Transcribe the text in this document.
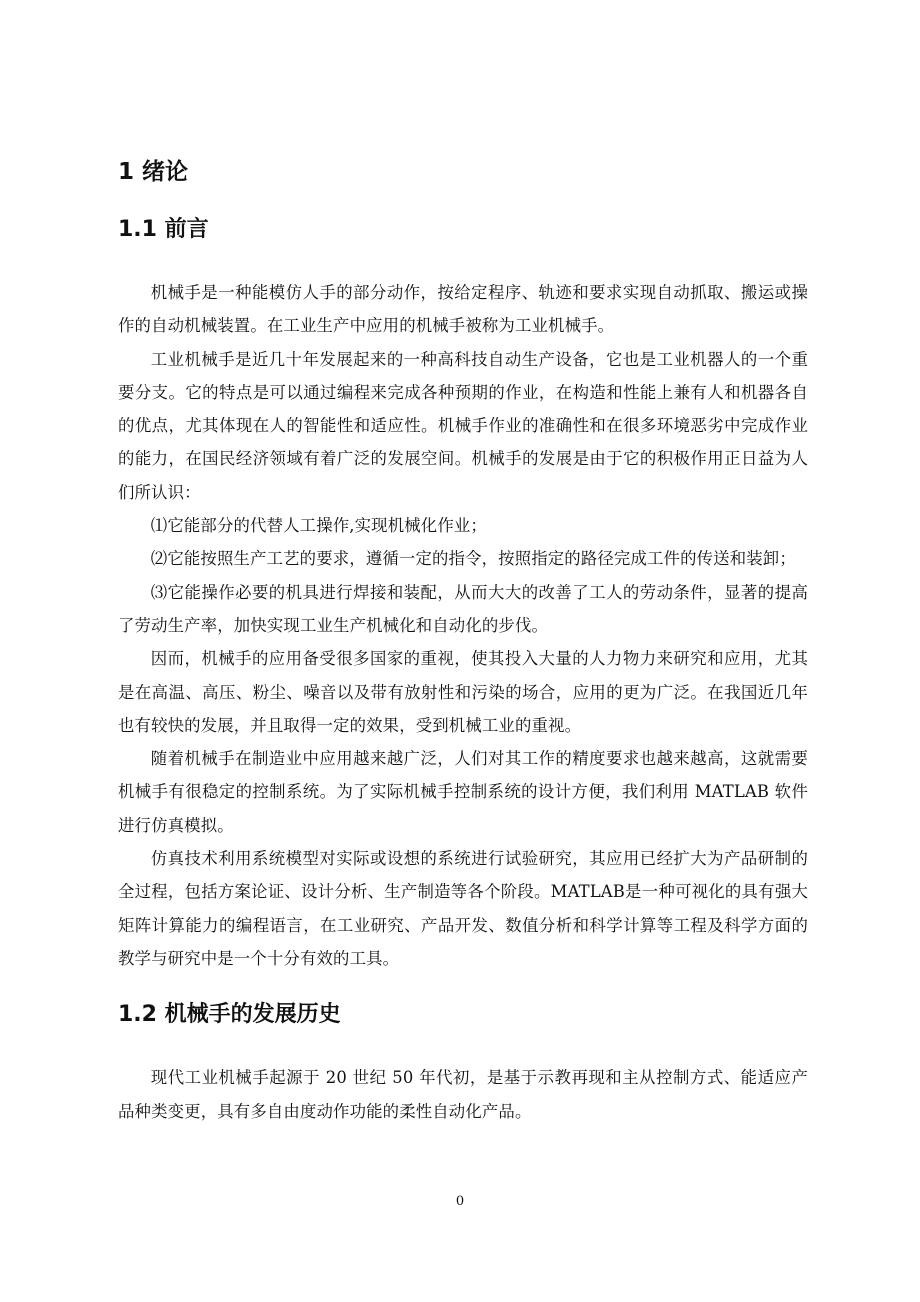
1 绪论
1.1 前言

机械手是一种能模仿人手的部分动作，按给定程序、轨迹和要求实现自动抓取、搬运或操作的自动机械装置。在工业生产中应用的机械手被称为工业机械手。

工业机械手是近几十年发展起来的一种高科技自动生产设备，它也是工业机器人的一个重要分支。它的特点是可以通过编程来完成各种预期的作业，在构造和性能上兼有人和机器各自的优点，尤其体现在人的智能性和适应性。机械手作业的准确性和在很多环境恶劣中完成作业的能力，在国民经济领域有着广泛的发展空间。机械手的发展是由于它的积极作用正日益为人们所认识：

⑴它能部分的代替人工操作,实现机械化作业；

⑵它能按照生产工艺的要求，遵循一定的指令，按照指定的路径完成工件的传送和装卸；

⑶它能操作必要的机具进行焊接和装配，从而大大的改善了工人的劳动条件，显著的提高了劳动生产率，加快实现工业生产机械化和自动化的步伐。

因而，机械手的应用备受很多国家的重视，使其投入大量的人力物力来研究和应用，尤其是在高温、高压、粉尘、噪音以及带有放射性和污染的场合，应用的更为广泛。在我国近几年也有较快的发展，并且取得一定的效果，受到机械工业的重视。

随着机械手在制造业中应用越来越广泛，人们对其工作的精度要求也越来越高，这就需要机械手有很稳定的控制系统。为了实际机械手控制系统的设计方便，我们利用 MATLAB 软件进行仿真模拟。

仿真技术利用系统模型对实际或设想的系统进行试验研究，其应用已经扩大为产品研制的全过程，包括方案论证、设计分析、生产制造等各个阶段。MATLAB是一种可视化的具有强大矩阵计算能力的编程语言，在工业研究、产品开发、数值分析和科学计算等工程及科学方面的教学与研究中是一个十分有效的工具。

1.2 机械手的发展历史

现代工业机械手起源于 20 世纪 50 年代初，是基于示教再现和主从控制方式、能适应产品种类变更，具有多自由度动作功能的柔性自动化产品。

0
